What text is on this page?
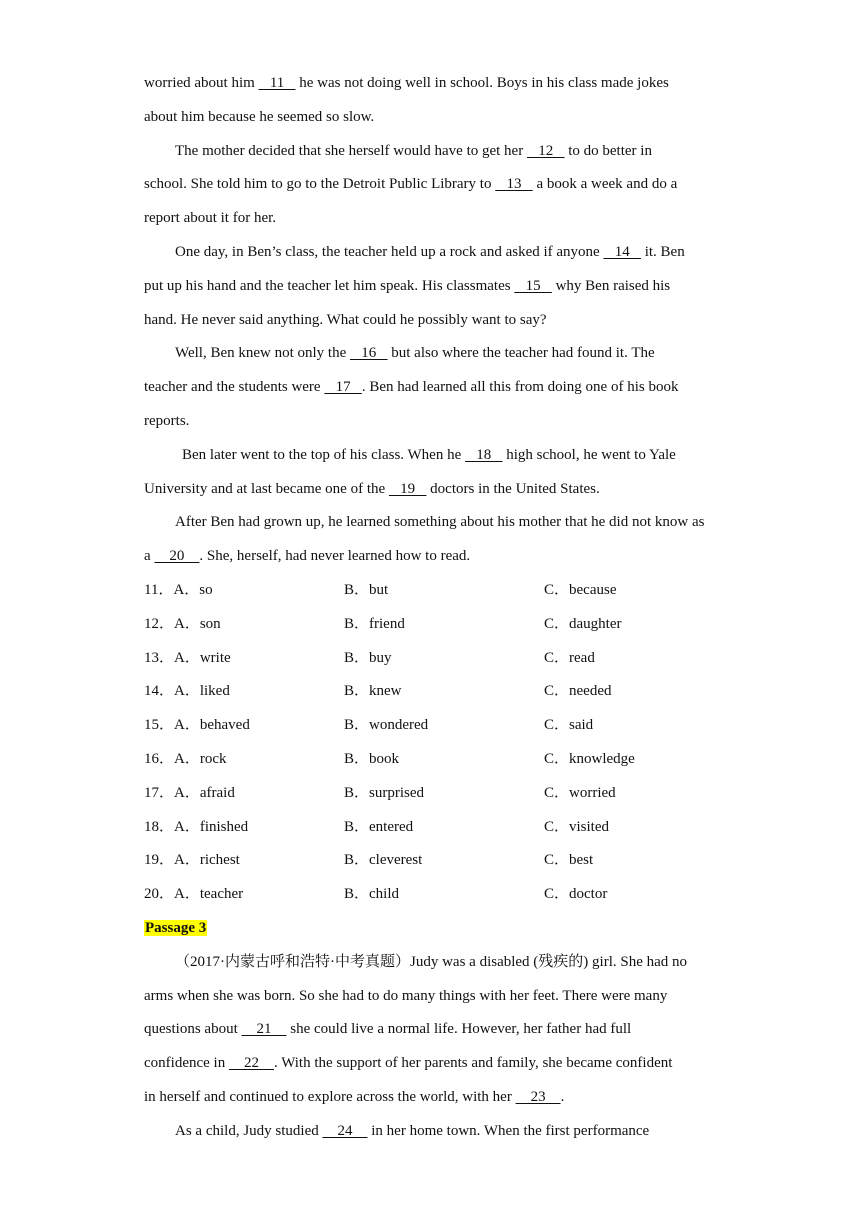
worried about him    11    he was not doing well in school. Boys in his class made jokes
about him because he seemed so slow.
The mother decided that she herself would have to get her    12    to do better in
school. She told him to go to the Detroit Public Library to    13    a book a week and do a
report about it for her.
One day, in Ben’s class, the teacher held up a rock and asked if anyone    14    it. Ben
put up his hand and the teacher let him speak. His classmates    15    why Ben raised his
hand. He never said anything. What could he possibly want to say?
Well, Ben knew not only the    16    but also where the teacher had found it. The
teacher and the students were    17   . Ben had learned all this from doing one of his book
reports.
Ben later went to the top of his class. When he    18    high school, he went to Yale
University and at last became one of the    19    doctors in the United States.
After Ben had grown up, he learned something about his mother that he did not know as
a     20    . She, herself, had never learned how to read.
11．A．so	B．but	C．because
12．A．son	B．friend	C．daughter
13．A．write	B．buy	C．read
14．A．liked	B．knew	C．needed
15．A．behaved	B．wondered	C．said
16．A．rock	B．book	C．knowledge
17．A．afraid	B．surprised	C．worried
18．A．finished	B．entered	C．visited
19．A．richest	B．cleverest	C．best
20．A．teacher	B．child	C．doctor
Passage 3
（2017·内蒙古呼和浩特·中考真题）Judy was a disabled (残疾的) girl. She had no
arms when she was born. So she had to do many things with her feet. There were many
questions about     21     she could live a normal life. However, her father had full
confidence in     22    . With the support of her parents and family, she became confident
in herself and continued to explore across the world, with her     23    .
As a child, Judy studied     24     in her home town. When the first performance
